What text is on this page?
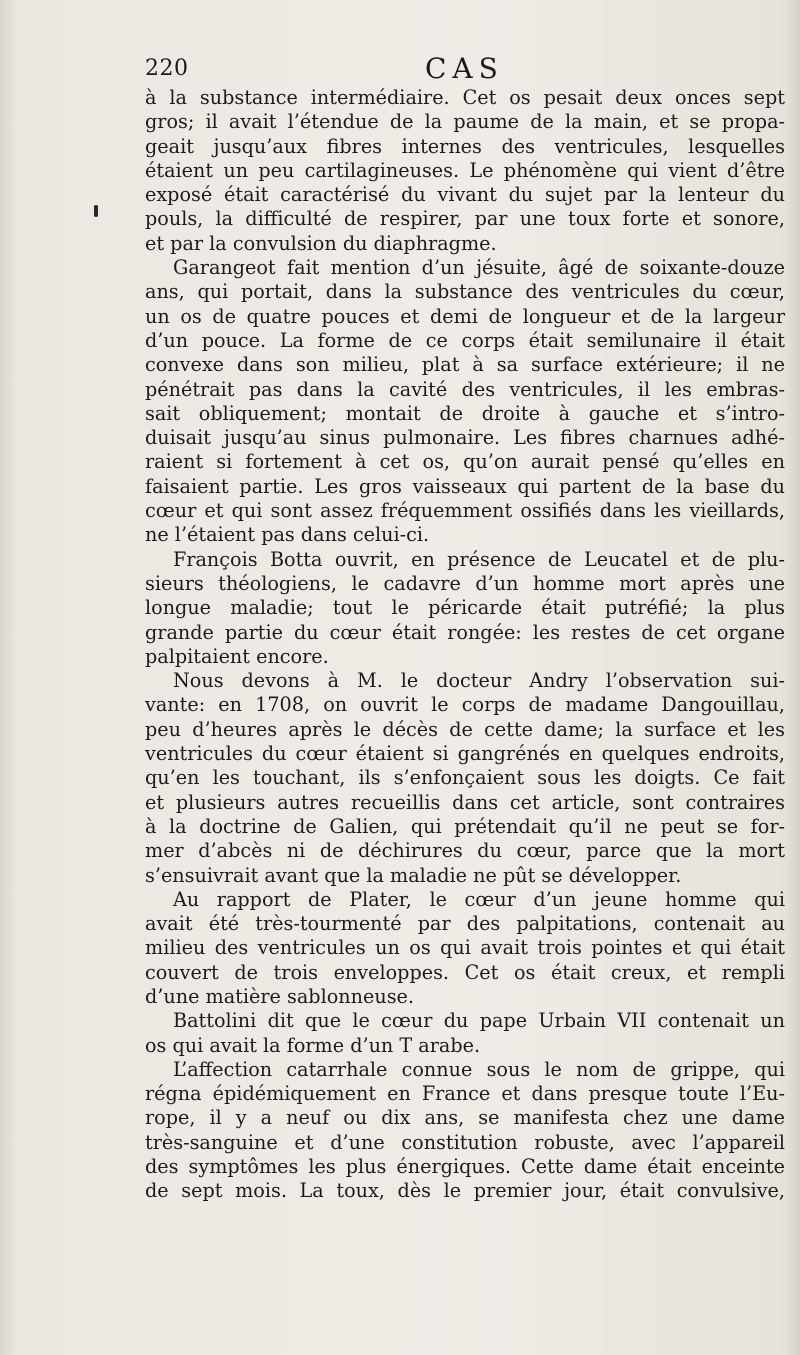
220	CAS
à la substance intermédiaire. Cet os pesait deux onces sept
gros; il avait l’étendue de la paume de la main, et se propa-
geait jusqu’aux fibres internes des ventricules, lesquelles
étaient un peu cartilagineuses. Le phénomène qui vient d’être
exposé était caractérisé du vivant du sujet par la lenteur du
pouls, la difficulté de respirer, par une toux forte et sonore,
et par la convulsion du diaphragme.
Garangeot fait mention d’un jésuite, âgé de soixante-douze
ans, qui portait, dans la substance des ventricules du cœur,
un os de quatre pouces et demi de longueur et de la largeur
d’un pouce. La forme de ce corps était semilunaire il était
convexe dans son milieu, plat à sa surface extérieure; il ne
pénétrait pas dans la cavité des ventricules, il les embras-
sait obliquement; montait de droite à gauche et s’intro-
duisait jusqu’au sinus pulmonaire. Les fibres charnues adhé-
raient si fortement à cet os, qu’on aurait pensé qu’elles en
faisaient partie. Les gros vaisseaux qui partent de la base du
cœur et qui sont assez fréquemment ossifiés dans les vieillards,
ne l’étaient pas dans celui-ci.
François Botta ouvrit, en présence de Leucatel et de plu-
sieurs théologiens, le cadavre d’un homme mort après une
longue maladie; tout le péricarde était putréfié; la plus
grande partie du cœur était rongée: les restes de cet organe
palpitaient encore.
Nous devons à M. le docteur Andry l’observation sui-
vante: en 1708, on ouvrit le corps de madame Dangouillau,
peu d’heures après le décès de cette dame; la surface et les
ventricules du cœur étaient si gangrénés en quelques endroits,
qu’en les touchant, ils s’enfonçaient sous les doigts. Ce fait
et plusieurs autres recueillis dans cet article, sont contraires
à la doctrine de Galien, qui prétendait qu’il ne peut se for-
mer d’abcès ni de déchirures du cœur, parce que la mort
s’ensuivrait avant que la maladie ne pût se développer.
Au rapport de Plater, le cœur d’un jeune homme qui
avait été très-tourmenté par des palpitations, contenait au
milieu des ventricules un os qui avait trois pointes et qui était
couvert de trois enveloppes. Cet os était creux, et rempli
d’une matière sablonneuse.
Battolini dit que le cœur du pape Urbain VII contenait un
os qui avait la forme d’un T arabe.
L’affection catarrhale connue sous le nom de grippe, qui
régna épidémiquement en France et dans presque toute l’Eu-
rope, il y a neuf ou dix ans, se manifesta chez une dame
très-sanguine et d’une constitution robuste, avec l’appareil
des symptômes les plus énergiques. Cette dame était enceinte
de sept mois. La toux, dès le premier jour, était convulsive,
